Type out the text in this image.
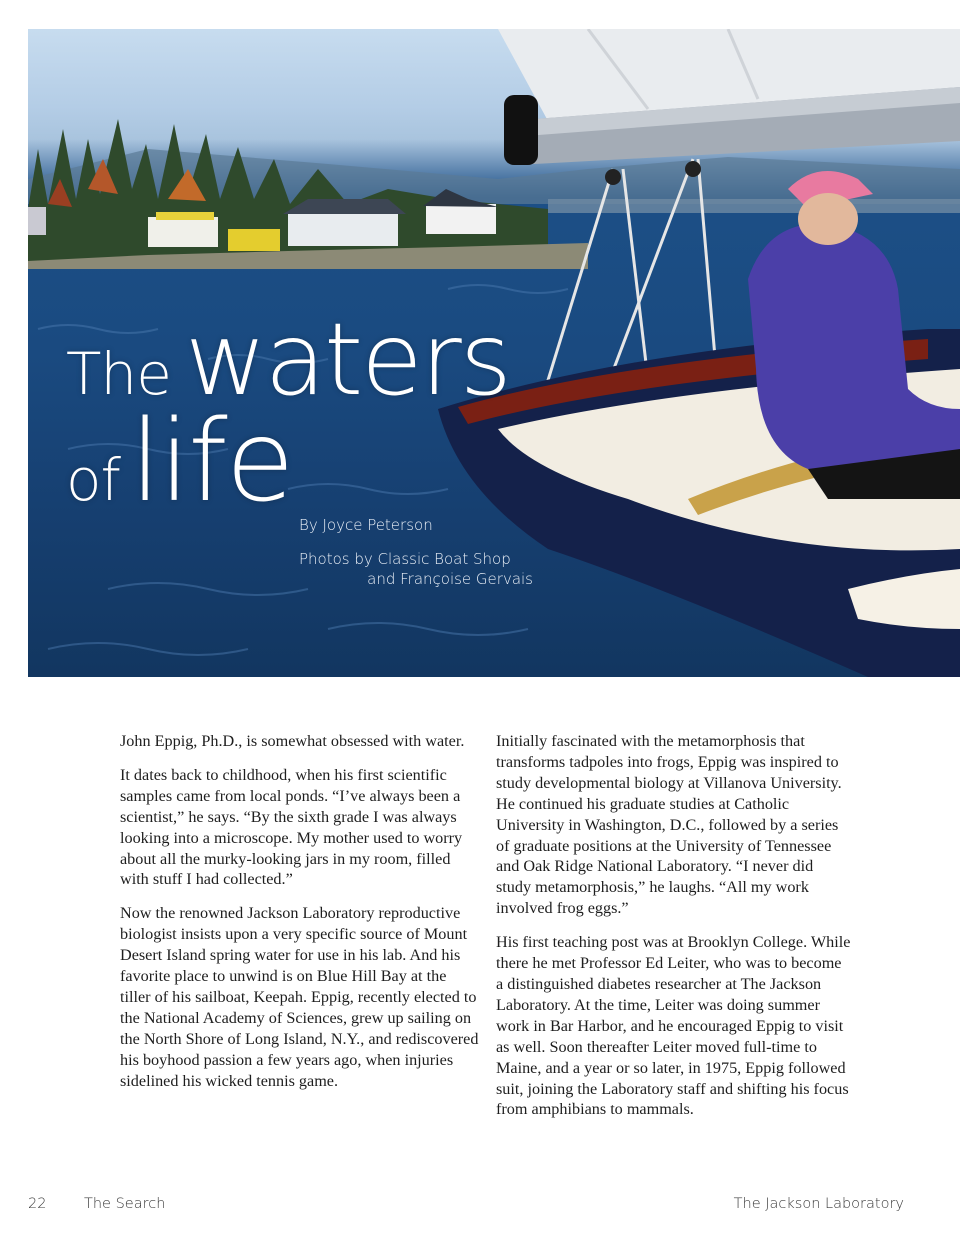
The waters
oflife By Joyce Peterson
Photos by Classic Boat Shop
and Françoise Gervais

John Eppig, Ph.D., is somewhat obsessed with water.

It dates back to childhood, when his first scientific samples came from local ponds. “I’ve always been a scientist,” he says. “By the sixth grade I was always looking into a microscope. My mother used to worry about all the murky-looking jars in my room, filled with stuff I had collected.”

Now the renowned Jackson Laboratory reproductive biologist insists upon a very specific source of Mount Desert Island spring water for use in his lab. And his favorite place to unwind is on Blue Hill Bay at the tiller of his sailboat, Keepah. Eppig, recently elected to the National Academy of Sciences, grew up sailing on the North Shore of Long Island, N.Y., and rediscovered his boyhood passion a few years ago, when injuries sidelined his wicked tennis game.

Initially fascinated with the metamorphosis that transforms tadpoles into frogs, Eppig was inspired to study developmental biology at Villanova University. He continued his graduate studies at Catholic University in Washington, D.C., followed by a series of graduate positions at the University of Tennessee and Oak Ridge National Laboratory. “I never did study metamorphosis,” he laughs. “All my work involved frog eggs.”

His first teaching post was at Brooklyn College. While there he met Professor Ed Leiter, who was to become a distinguished diabetes researcher at The Jackson Laboratory. At the time, Leiter was doing summer work in Bar Harbor, and he encouraged Eppig to visit as well. Soon thereafter Leiter moved full-time to Maine, and a year or so later, in 1975, Eppig followed suit, joining the Laboratory staff and shifting his focus from amphibians to mammals.

22	The Search	The Jackson Laboratory
